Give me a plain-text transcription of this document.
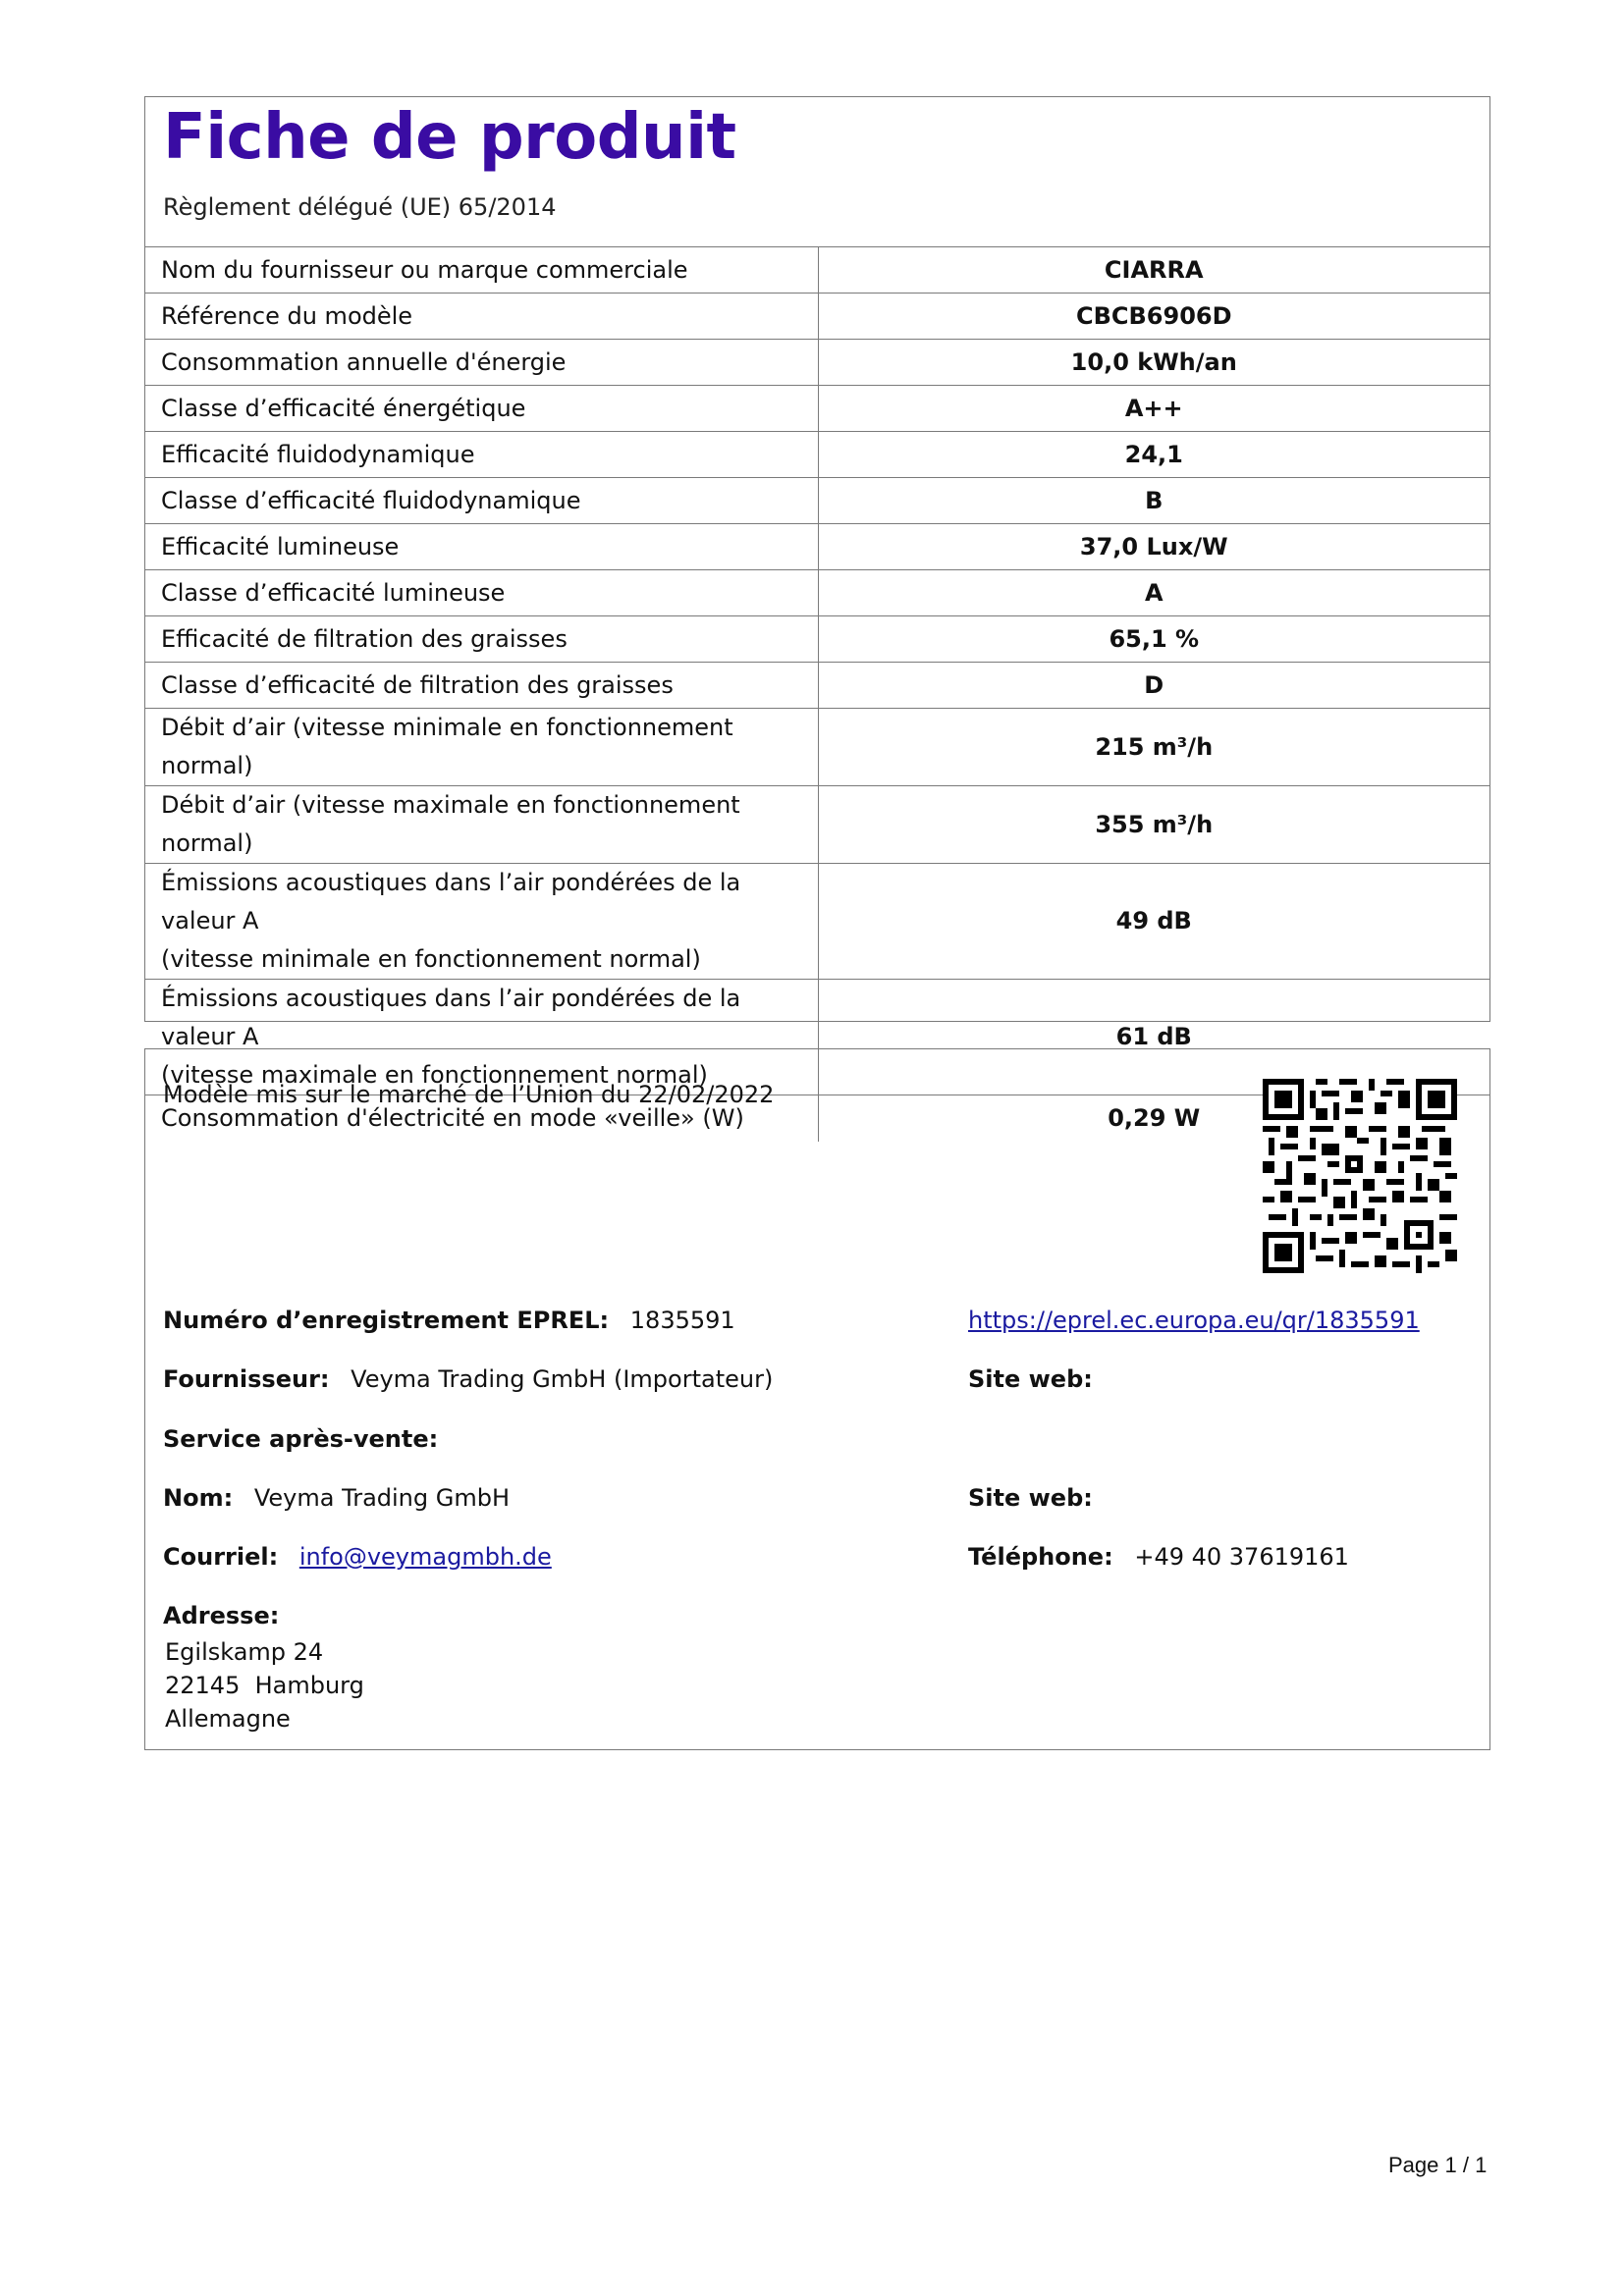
Fiche de produit
Règlement délégué (UE) 65/2014
Nom du fournisseur ou marque commerciale	CIARRA
Référence du modèle	CBCB6906D
Consommation annuelle d'énergie	10,0 kWh/an
Classe d’efficacité énergétique	A++
Efficacité fluidodynamique	24,1
Classe d’efficacité fluidodynamique	B
Efficacité lumineuse	37,0 Lux/W
Classe d’efficacité lumineuse	A
Efficacité de filtration des graisses	65,1 %
Classe d’efficacité de filtration des graisses	D
Débit d’air (vitesse minimale en fonctionnement normal)	215 m³/h
Débit d’air (vitesse maximale en fonctionnement normal)	355 m³/h

Émissions acoustiques dans l’air pondérées de la valeur A
(vitesse minimale en fonctionnement normal)	49 dB

Émissions acoustiques dans l’air pondérées de la valeur A
(vitesse maximale en fonctionnement normal)	61 dB
Consommation d'électricité en mode «veille» (W)	0,29 W
Modèle mis sur le marché de l’Union du 22/02/2022
Numéro d’enregistrement EPREL: 1835591	https://eprel.ec.europa.eu/qr/1835591
Fournisseur: Veyma Trading GmbH (Importateur)	Site web:
Service après-vente:
Nom: Veyma Trading GmbH	Site web:
Courriel: info@veymagmbh.de	Téléphone: +49 40 37619161
Adresse:
Egilskamp 24
22145  Hamburg
Allemagne
Page 1 / 1
